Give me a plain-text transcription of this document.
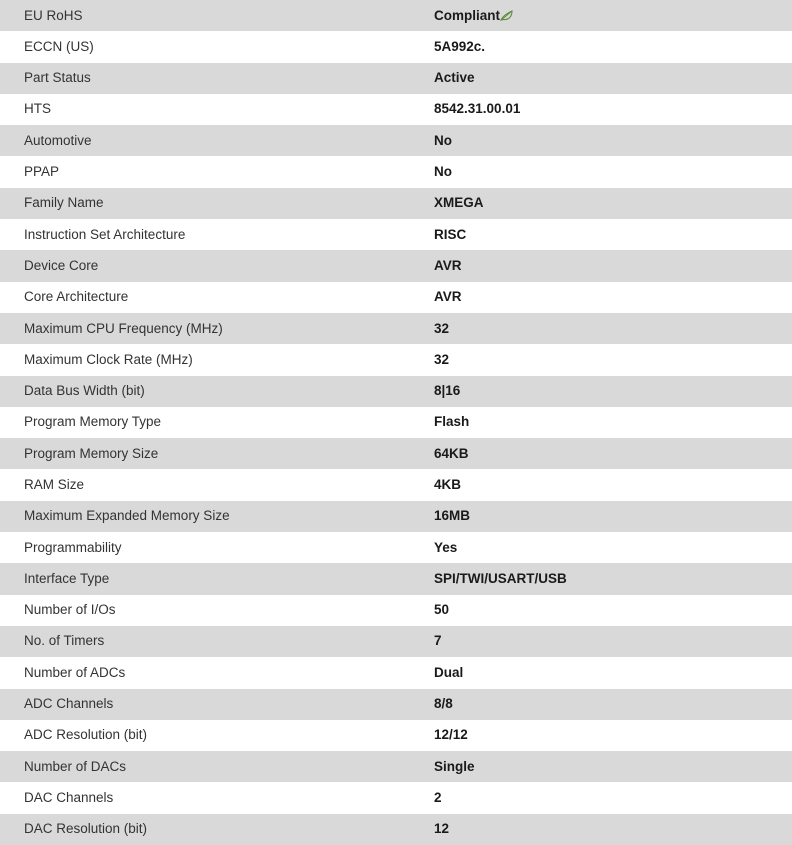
EU RoHS	Compliant
ECCN (US)	5A992c.
Part Status	Active
HTS	8542.31.00.01
Automotive	No
PPAP	No
Family Name	XMEGA
Instruction Set Architecture	RISC
Device Core	AVR
Core Architecture	AVR
Maximum CPU Frequency (MHz)	32
Maximum Clock Rate (MHz)	32
Data Bus Width (bit)	8|16
Program Memory Type	Flash
Program Memory Size	64KB
RAM Size	4KB
Maximum Expanded Memory Size	16MB
Programmability	Yes
Interface Type	SPI/TWI/USART/USB
Number of I/Os	50
No. of Timers	7
Number of ADCs	Dual
ADC Channels	8/8
ADC Resolution (bit)	12/12
Number of DACs	Single
DAC Channels	2
DAC Resolution (bit)	12
